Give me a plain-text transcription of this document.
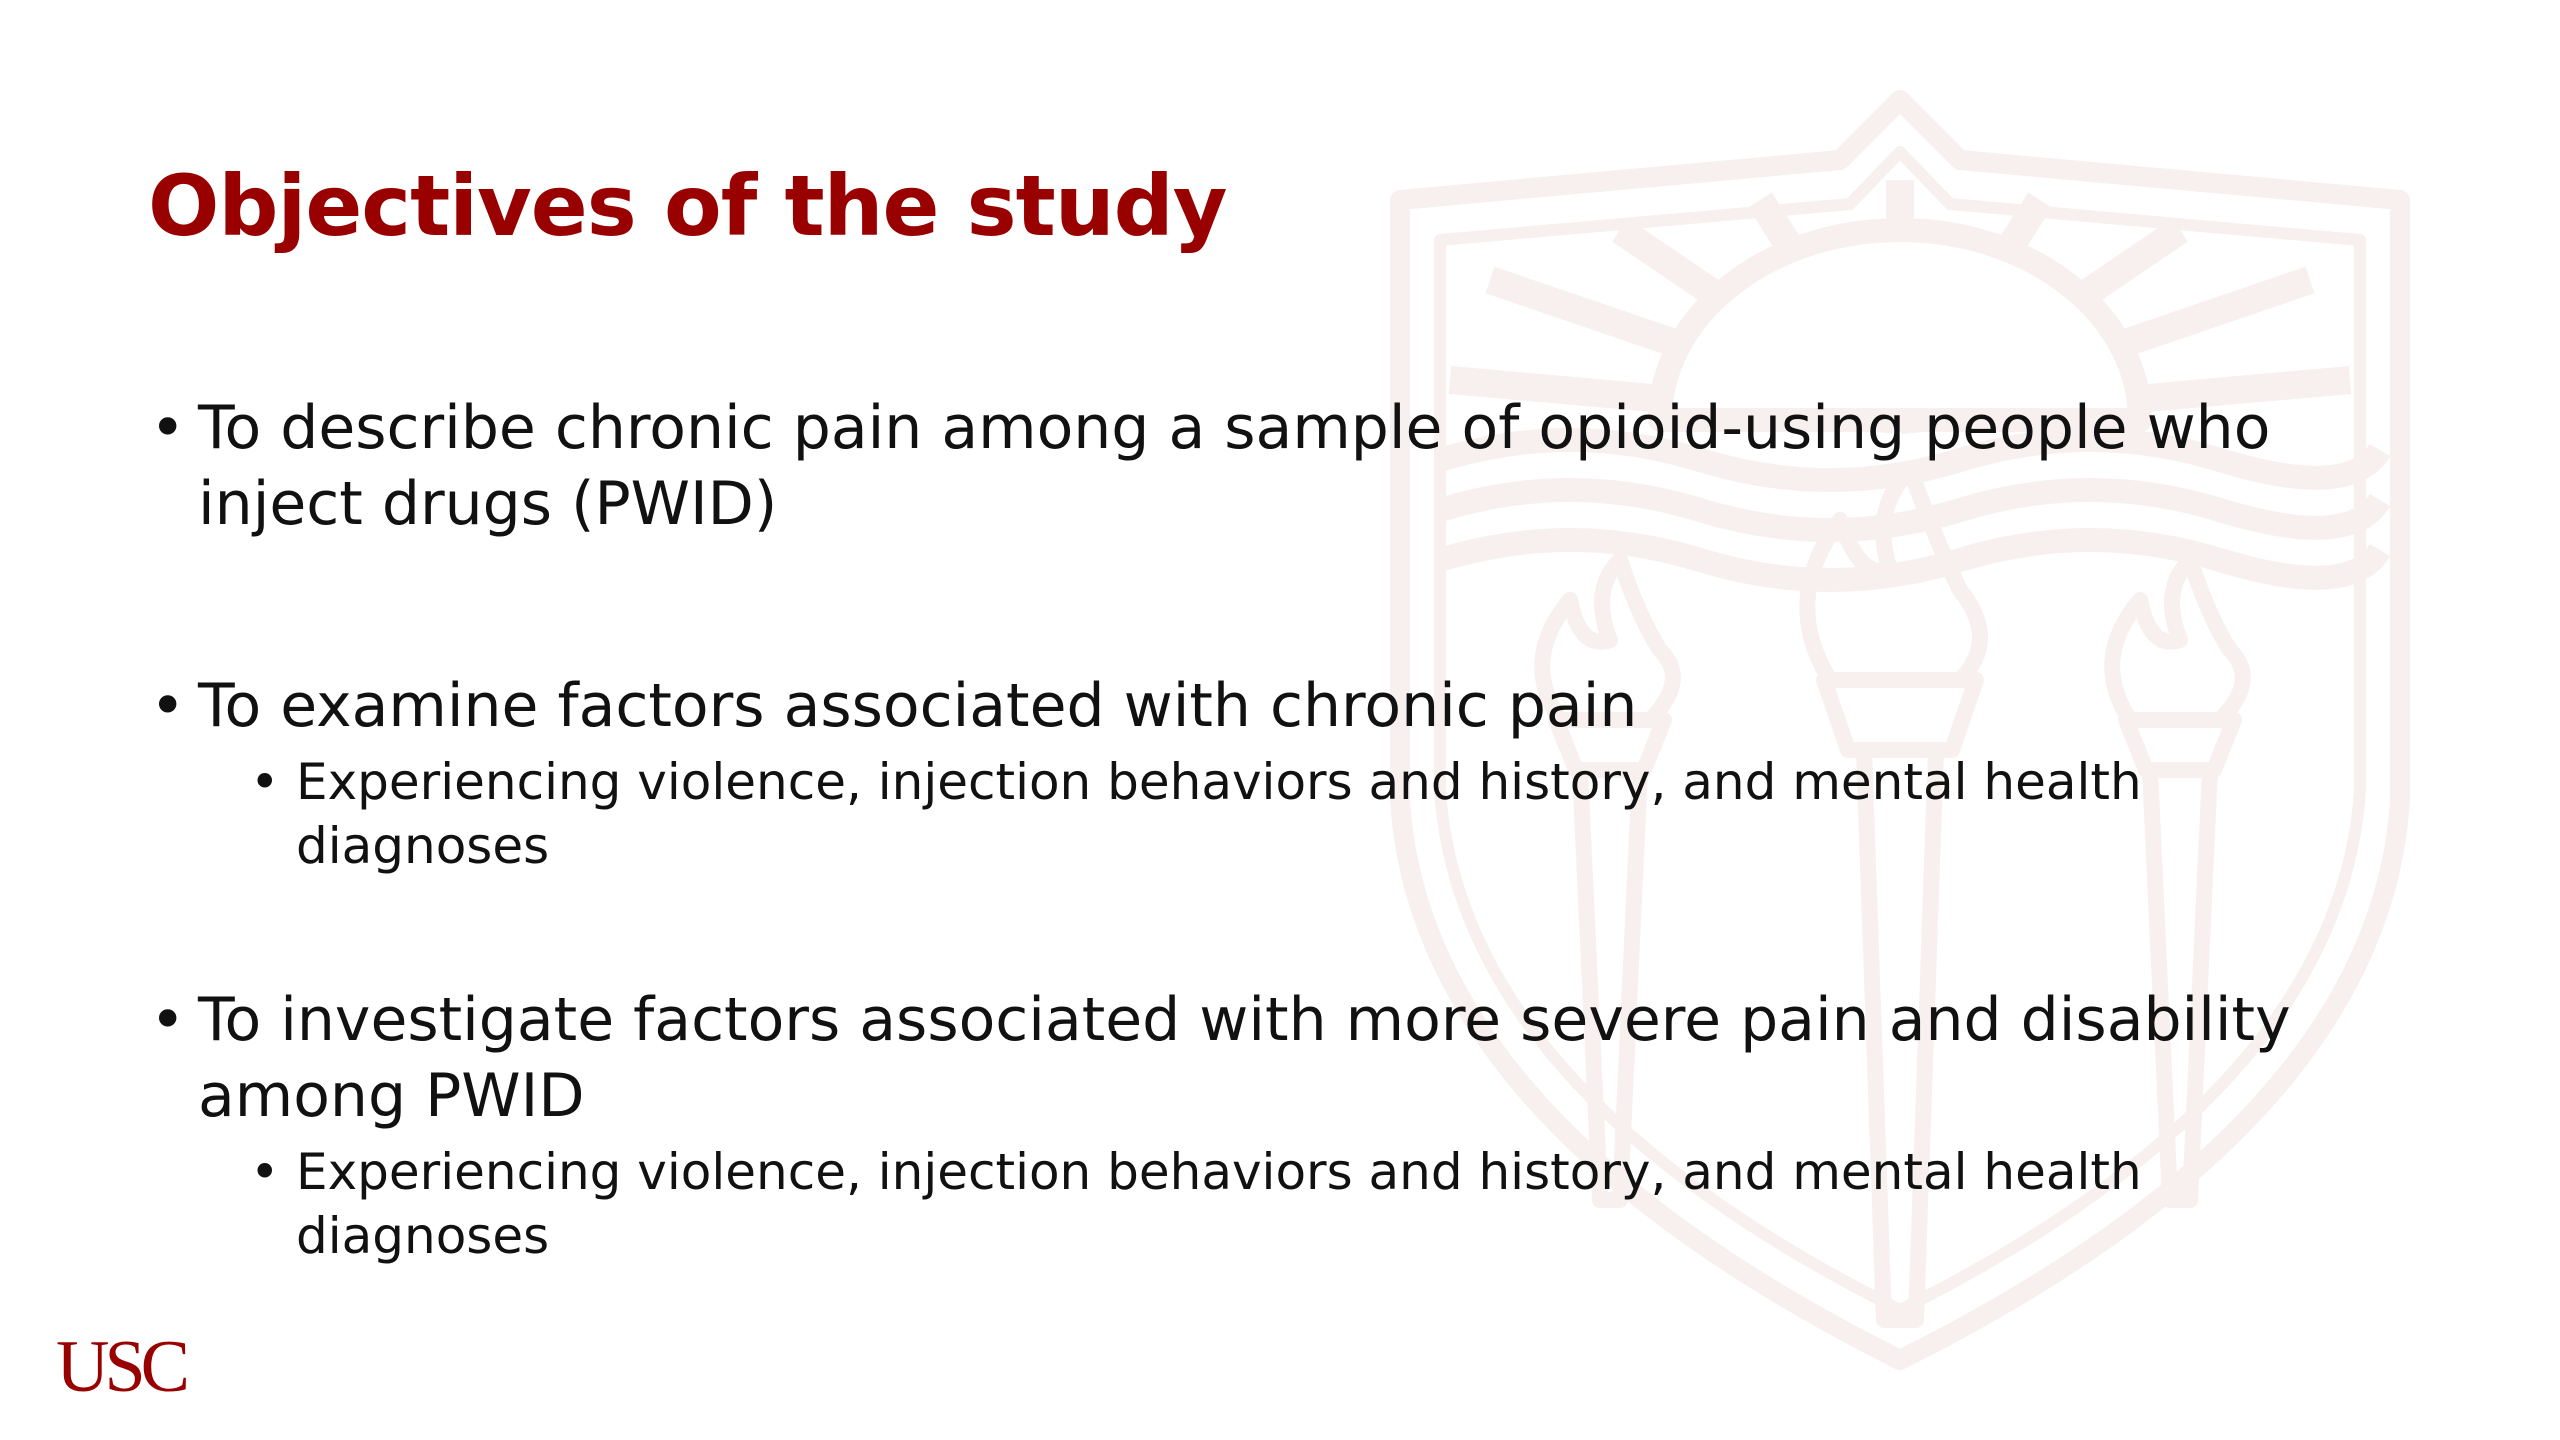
Objectives of the study
• To describe chronic pain among a sample of opioid-using people who inject drugs (PWID)
• To examine factors associated with chronic pain
• Experiencing violence, injection behaviors and history, and mental health diagnoses
• To investigate factors associated with more severe pain and disability among PWID
• Experiencing violence, injection behaviors and history, and mental health diagnoses
USC
